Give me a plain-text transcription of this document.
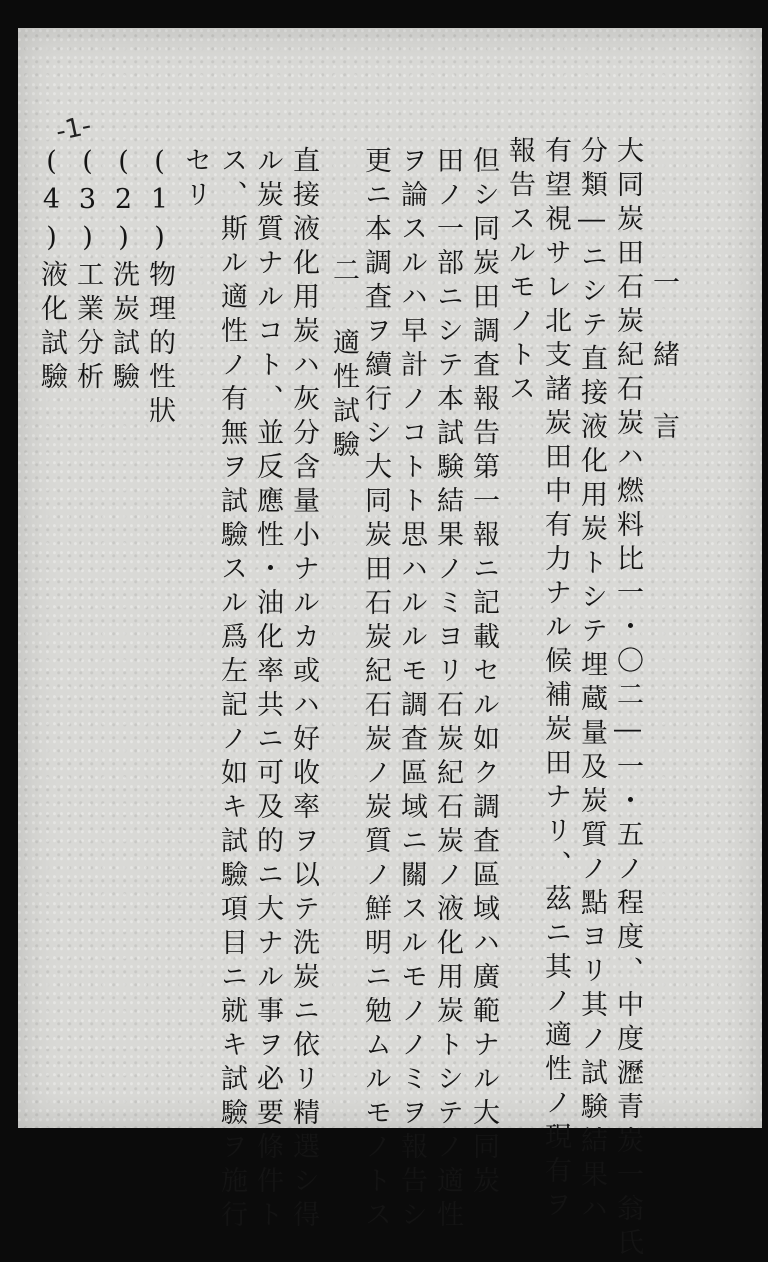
-1-
一 緒 言
大同炭田石炭紀石炭ハ燃料比一・〇二―一・五ノ程度、中度瀝青炭一翁氏
分類―ニシテ直接液化用炭トシテ埋蔵量及炭質ノ點ヨリ其ノ試験結果ハ
有望視サレ北支諸炭田中有力ナル候補炭田ナリ、茲ニ其ノ適性ノ現有ヲ
報告スルモノトス
但シ同炭田調査報告第一報ニ記載セル如ク調査區域ハ廣範ナル大同炭
田ノ一部ニシテ本試験結果ノミヨリ石炭紀石炭ノ液化用炭トシテノ適性
ヲ論スルハ早計ノコトト思ハルルモ調査區域ニ關スルモノノミヲ報告シ
更ニ本調査ヲ續行シ大同炭田石炭紀石炭ノ炭質ノ鮮明ニ勉ムルモノトス
二 適性試驗
直接液化用炭ハ灰分含量小ナルカ或ハ好收率ヲ以テ洗炭ニ依リ精選シ得
ル炭質ナルコト、並反應性・油化率共ニ可及的ニ大ナル事ヲ必要條件ト
ス、斯ル適性ノ有無ヲ試驗スル爲左記ノ如キ試驗項目ニ就キ試驗ヲ施行
セリ
(1)物理的性狀
(2)洗炭試驗
(3)工業分析
(4)液化試驗
